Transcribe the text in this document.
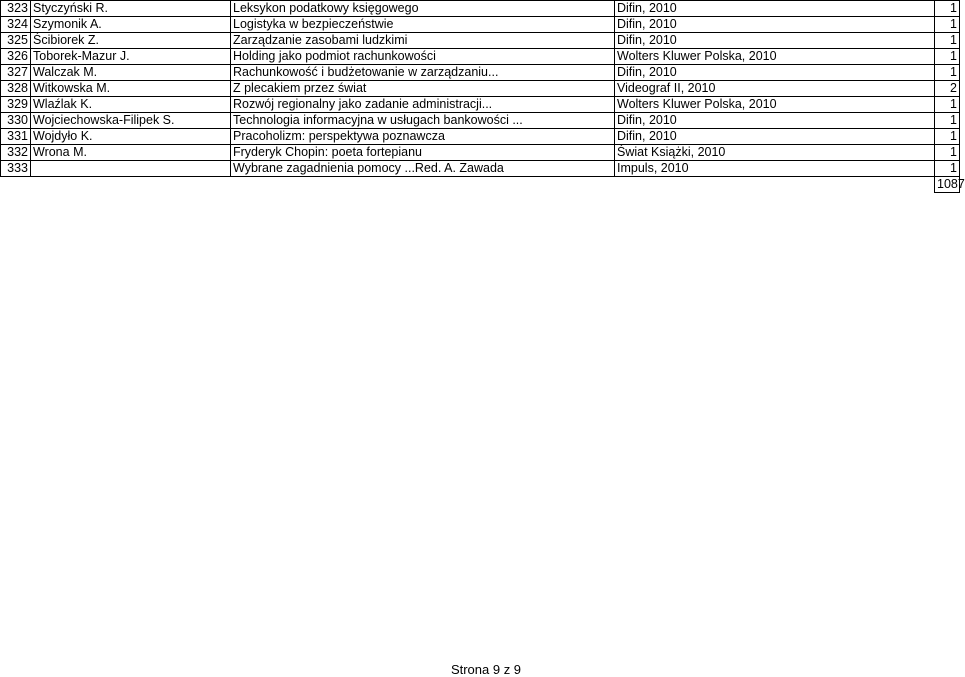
323	Styczyński R.	Leksykon podatkowy księgowego	Difin, 2010	1
324	Szymonik A.	Logistyka w bezpieczeństwie	Difin, 2010	1
325	Ścibiorek Z.	Zarządzanie zasobami ludzkimi	Difin, 2010	1
326	Toborek-Mazur J.	Holding jako podmiot rachunkowości	Wolters Kluwer Polska, 2010	1
327	Walczak M.	Rachunkowość i budżetowanie w zarządzaniu...	Difin, 2010	1
328	Witkowska M.	Z plecakiem przez świat	Videograf II, 2010	2
329	Wlaźlak K.	Rozwój regionalny jako zadanie administracji...	Wolters Kluwer Polska, 2010	1
330	Wojciechowska-Filipek S.	Technologia informacyjna w usługach bankowości ...	Difin, 2010	1
331	Wojdyło K.	Pracoholizm: perspektywa poznawcza	Difin, 2010	1
332	Wrona M.	Fryderyk Chopin: poeta fortepianu	Świat Książki, 2010	1
333		Wybrane zagadnienia pomocy ...Red. A. Zawada	Impuls, 2010	1
				1087
Strona 9 z 9
